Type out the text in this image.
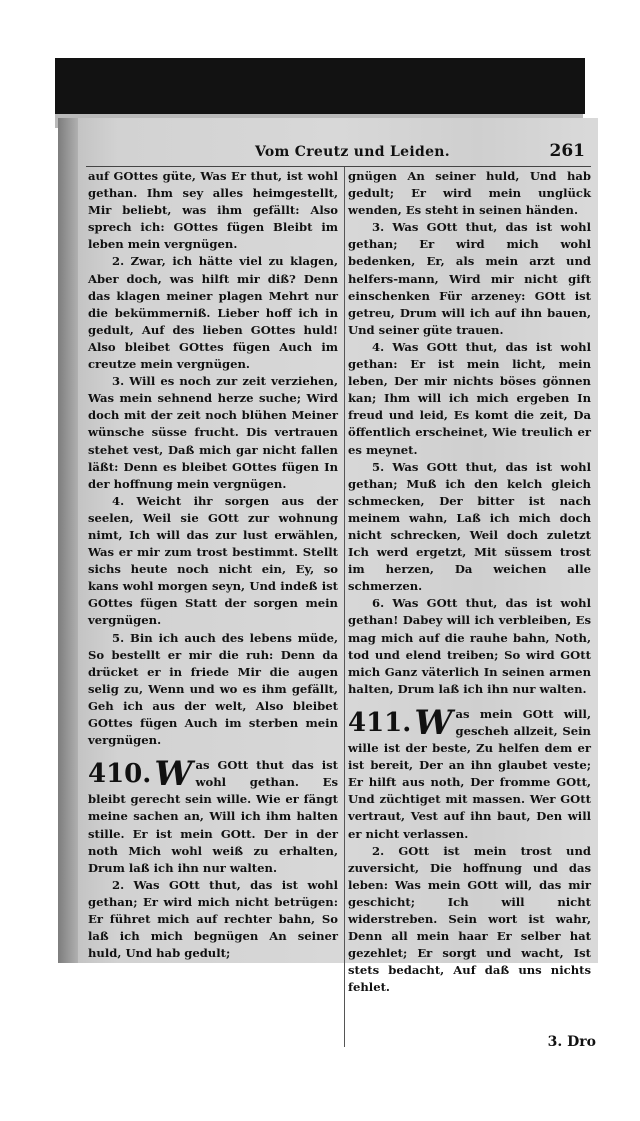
Vom Creutz und Leiden.	261

auf GOttes güte, Was Er thut, ist wohl gethan. Ihm sey alles heimgestellt, Mir beliebt, was ihm gefällt: Also sprech ich: GOttes fügen Bleibt im leben mein vergnügen.

2. Zwar, ich hätte viel zu klagen, Aber doch, was hilft mir diß? Denn das klagen meiner plagen Mehrt nur die bekümmerniß. Lieber hoff ich in gedult, Auf des lieben GOttes huld! Also bleibet GOttes fügen Auch im creutze mein vergnügen.

3. Will es noch zur zeit verziehen, Was mein sehnend herze suche; Wird doch mit der zeit noch blühen Meiner wünsche süsse frucht. Dis vertrauen stehet vest, Daß mich gar nicht fallen läßt: Denn es bleibet GOttes fügen In der hoffnung mein vergnügen.

4. Weicht ihr sorgen aus der seelen, Weil sie GOtt zur wohnung nimt, Ich will das zur lust erwählen, Was er mir zum trost bestimmt. Stellt sichs heute noch nicht ein, Ey, so kans wohl morgen seyn, Und indeß ist GOttes fügen Statt der sorgen mein vergnügen.

5. Bin ich auch des lebens müde, So bestellt er mir die ruh: Denn da drücket er in friede Mir die augen selig zu, Wenn und wo es ihm gefällt, Geh ich aus der welt, Also bleibet GOttes fügen Auch im sterben mein vergnügen.

410. W as GOtt thut das ist wohl gethan. Es bleibt gerecht sein wille. Wie er fängt meine sachen an, Will ich ihm halten stille. Er ist mein GOtt. Der in der noth Mich wohl weiß zu erhalten, Drum laß ich ihn nur walten.

2. Was GOtt thut, das ist wohl gethan; Er wird mich nicht betrügen: Er führet mich auf rechter bahn, So laß ich mich begnügen An seiner huld, Und hab gedult;

gnügen An seiner huld, Und hab gedult; Er wird mein unglück wenden, Es steht in seinen händen.

3. Was GOtt thut, das ist wohl gethan; Er wird mich wohl bedenken, Er, als mein arzt und helfers-mann, Wird mir nicht gift einschenken Für arzeney: GOtt ist getreu, Drum will ich auf ihn bauen, Und seiner güte trauen.

4. Was GOtt thut, das ist wohl gethan: Er ist mein licht, mein leben, Der mir nichts böses gönnen kan; Ihm will ich mich ergeben In freud und leid, Es komt die zeit, Da öffentlich erscheinet, Wie treulich er es meynet.

5. Was GOtt thut, das ist wohl gethan; Muß ich den kelch gleich schmecken, Der bitter ist nach meinem wahn, Laß ich mich doch nicht schrecken, Weil doch zuletzt Ich werd ergetzt, Mit süssem trost im herzen, Da weichen alle schmerzen.

6. Was GOtt thut, das ist wohl gethan! Dabey will ich verbleiben, Es mag mich auf die rauhe bahn, Noth, tod und elend treiben; So wird GOtt mich Ganz väterlich In seinen armen halten, Drum laß ich ihn nur walten.

411. W as mein GOtt will, gescheh allzeit, Sein wille ist der beste, Zu helfen dem er ist bereit, Der an ihn glaubet veste; Er hilft aus noth, Der fromme GOtt, Und züchtiget mit massen. Wer GOtt vertraut, Vest auf ihn baut, Den will er nicht verlassen.

2. GOtt ist mein trost und zuversicht, Die hoffnung und das leben: Was mein GOtt will, das mir geschicht; Ich will nicht widerstreben. Sein wort ist wahr, Denn all mein haar Er selber hat gezehlet; Er sorgt und wacht, Ist stets bedacht, Auf daß uns nichts fehlet.

3. Dro
